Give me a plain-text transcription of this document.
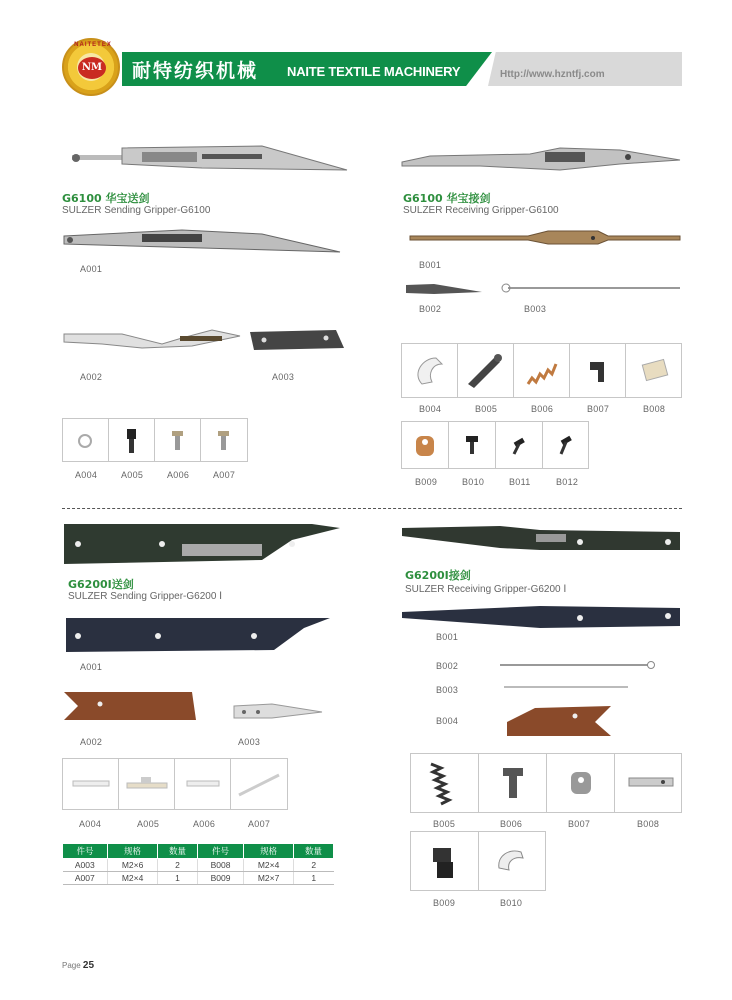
NAITETEX
NM 耐特纺织机械 NAITE TEXTILE MACHINERY	Http://www.hzntfj.com
G6100 华宝送剑
SULZER Sending Gripper-G6100
A001
A002	A003
A004	A005	A006	A007
G6100 华宝接剑
SULZER Receiving Gripper-G6100
B001
B002	B003
B004	B005	B006	B007	B008
B009	B010	B011	B012
G6200Ⅰ送剑
SULZER Sending Gripper-G6200 Ⅰ
A001
A002	A003
A004	A005	A006	A007
件号	规格	数量	件号	规格	数量
A003	M2×6	2	B008	M2×4	2
A007	M2×4	1	B009	M2×7	1
G6200Ⅰ接剑
SULZER Receiving Gripper-G6200 Ⅰ
B001
B002
B003
B004
B005	B006	B007	B008
B009	B010
Page 25
